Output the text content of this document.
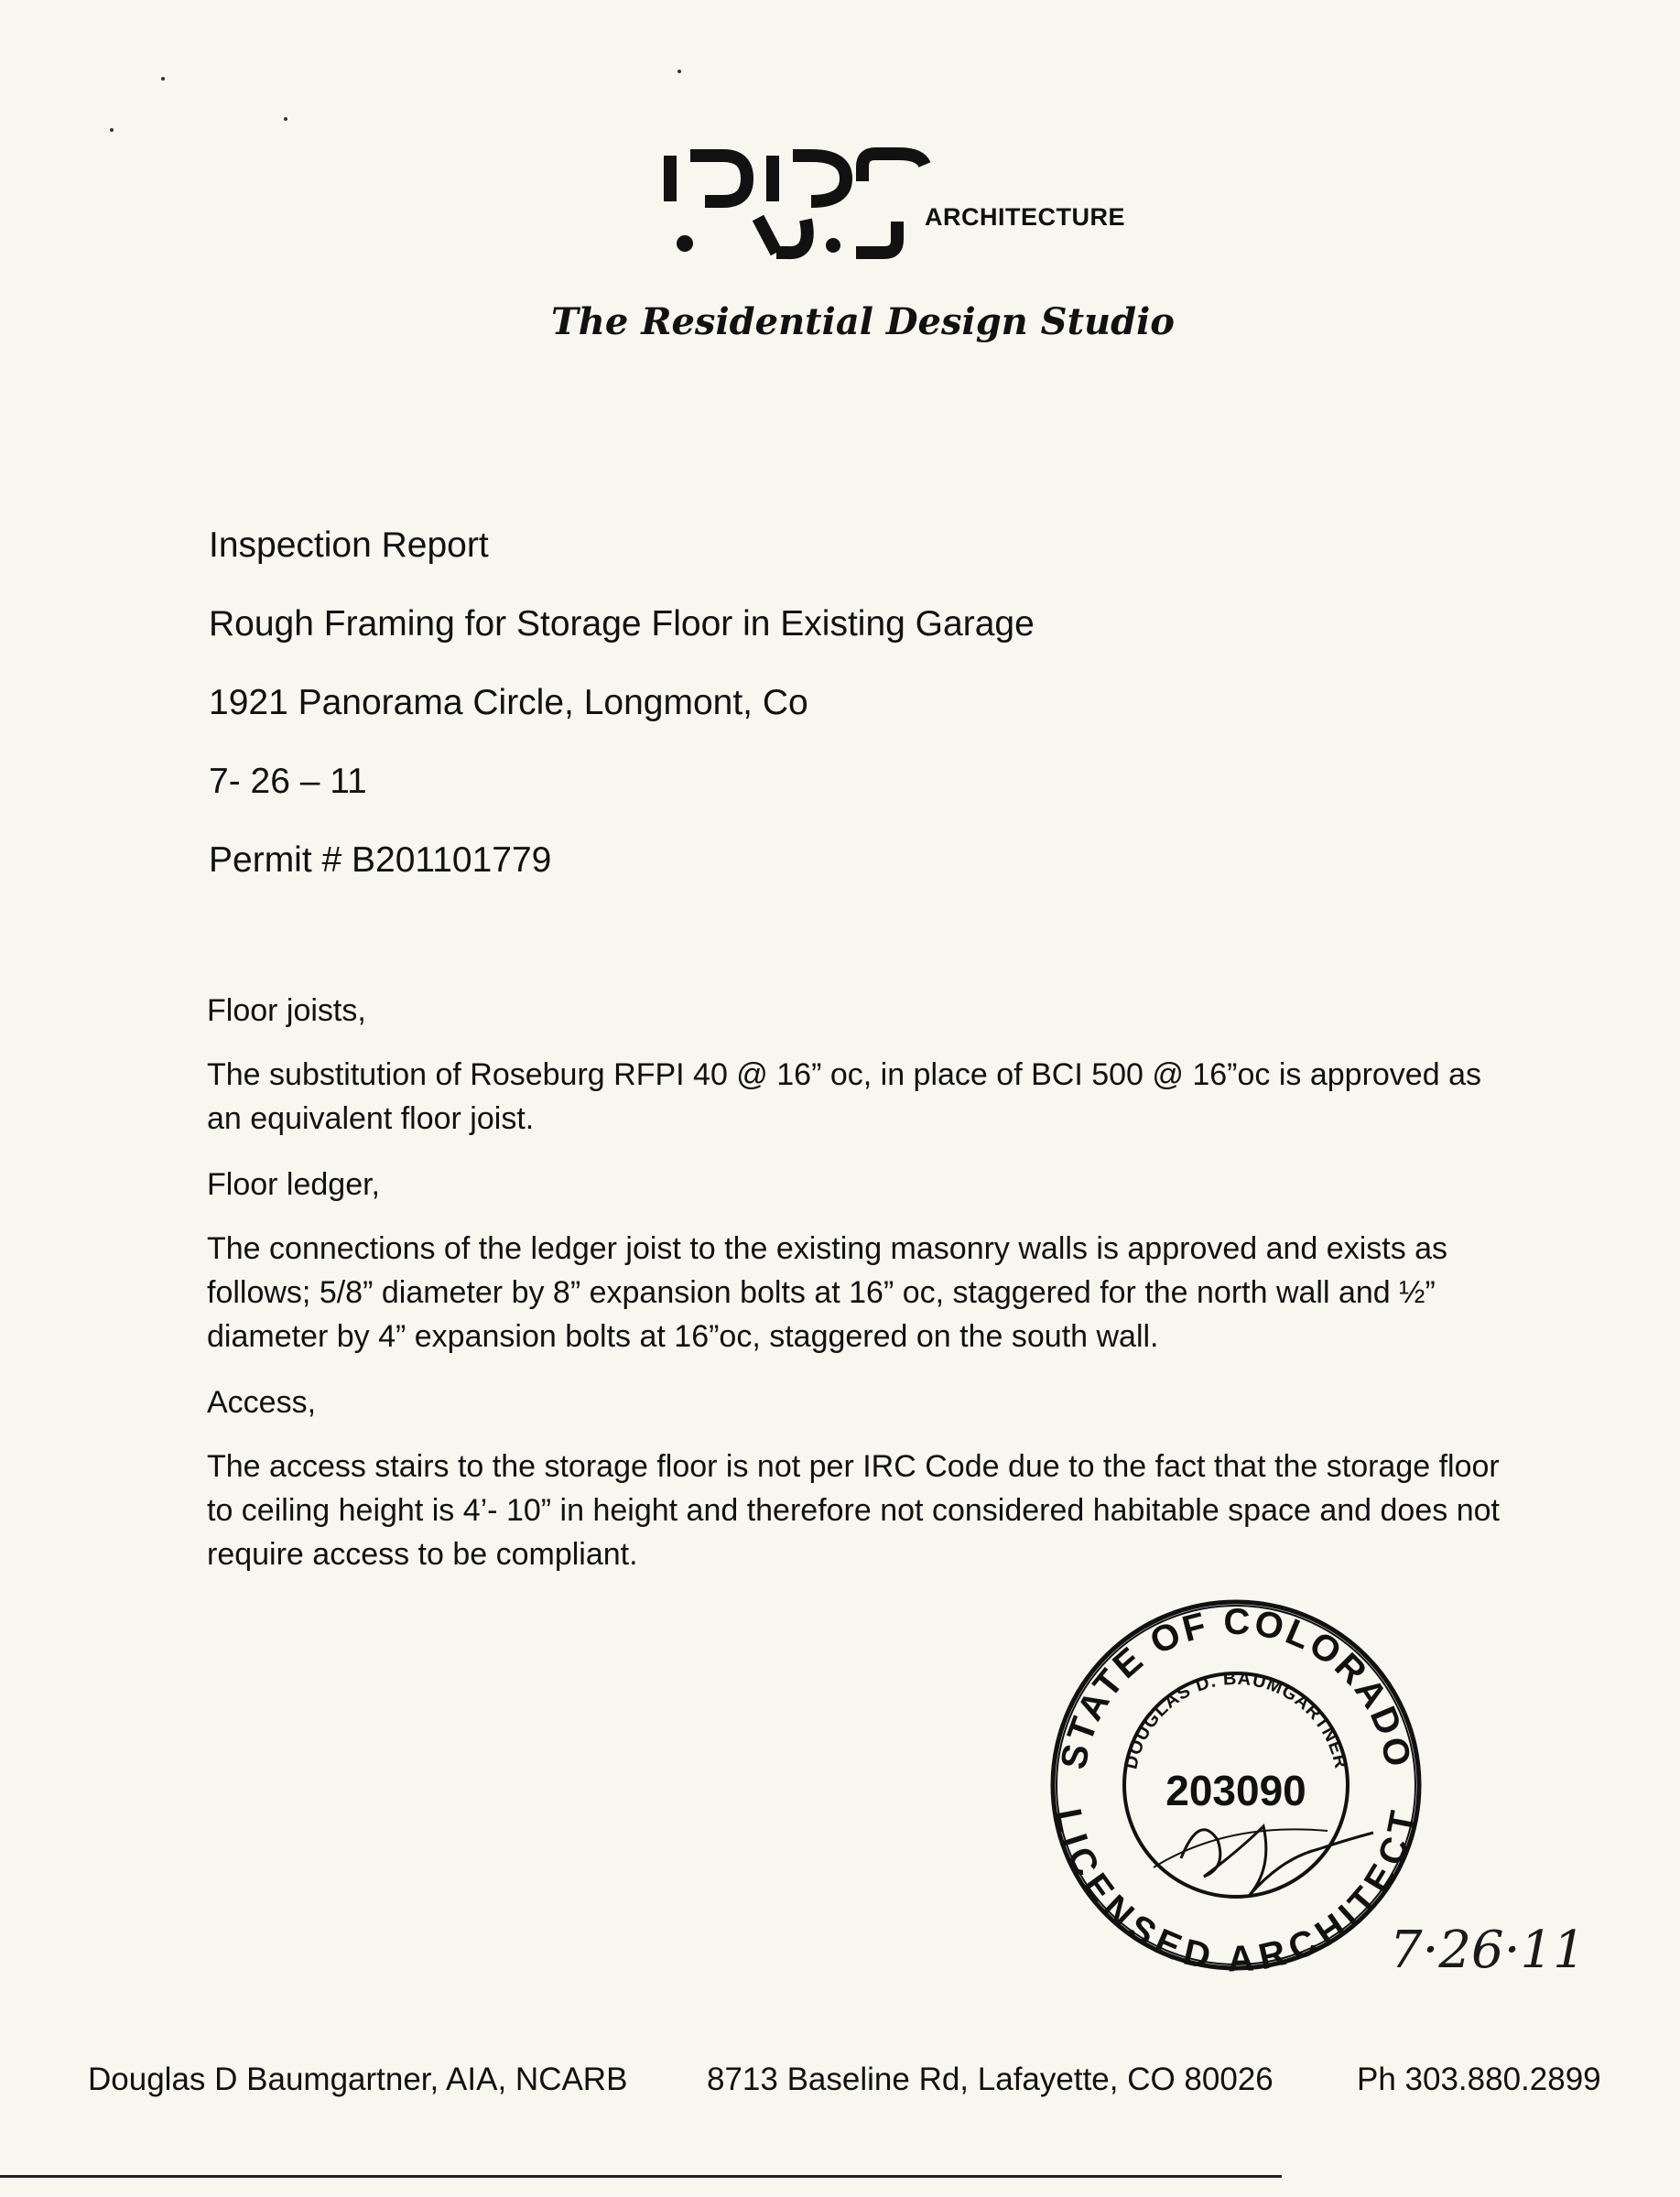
ARCHITECTURE
The Residential Design Studio
Inspection Report
Rough Framing for Storage Floor in Existing Garage
1921 Panorama Circle, Longmont, Co
7- 26 – 11
Permit # B201101779
Floor joists,
The substitution of Roseburg RFPI 40 @ 16” oc, in place of BCI 500 @ 16”oc is approved as an equivalent floor joist.
Floor ledger,
The connections of the ledger joist to the existing masonry walls is approved and exists as follows; 5/8” diameter by 8” expansion bolts at 16” oc, staggered for the north wall and ½” diameter by 4” expansion bolts at 16”oc, staggered on the south wall.
Access,
The access stairs to the storage floor is not per IRC Code due to the fact that the storage floor to ceiling height is 4’- 10” in height and therefore not considered habitable space and does not require access to be compliant.
STATE OF COLORADO
LICENSED ARCHITECT
DOUGLAS D. BAUMGARTNER
203090
7·26·11
Douglas D Baumgartner, AIA, NCARB 8713 Baseline Rd, Lafayette, CO 80026	Ph 303.880.2899
